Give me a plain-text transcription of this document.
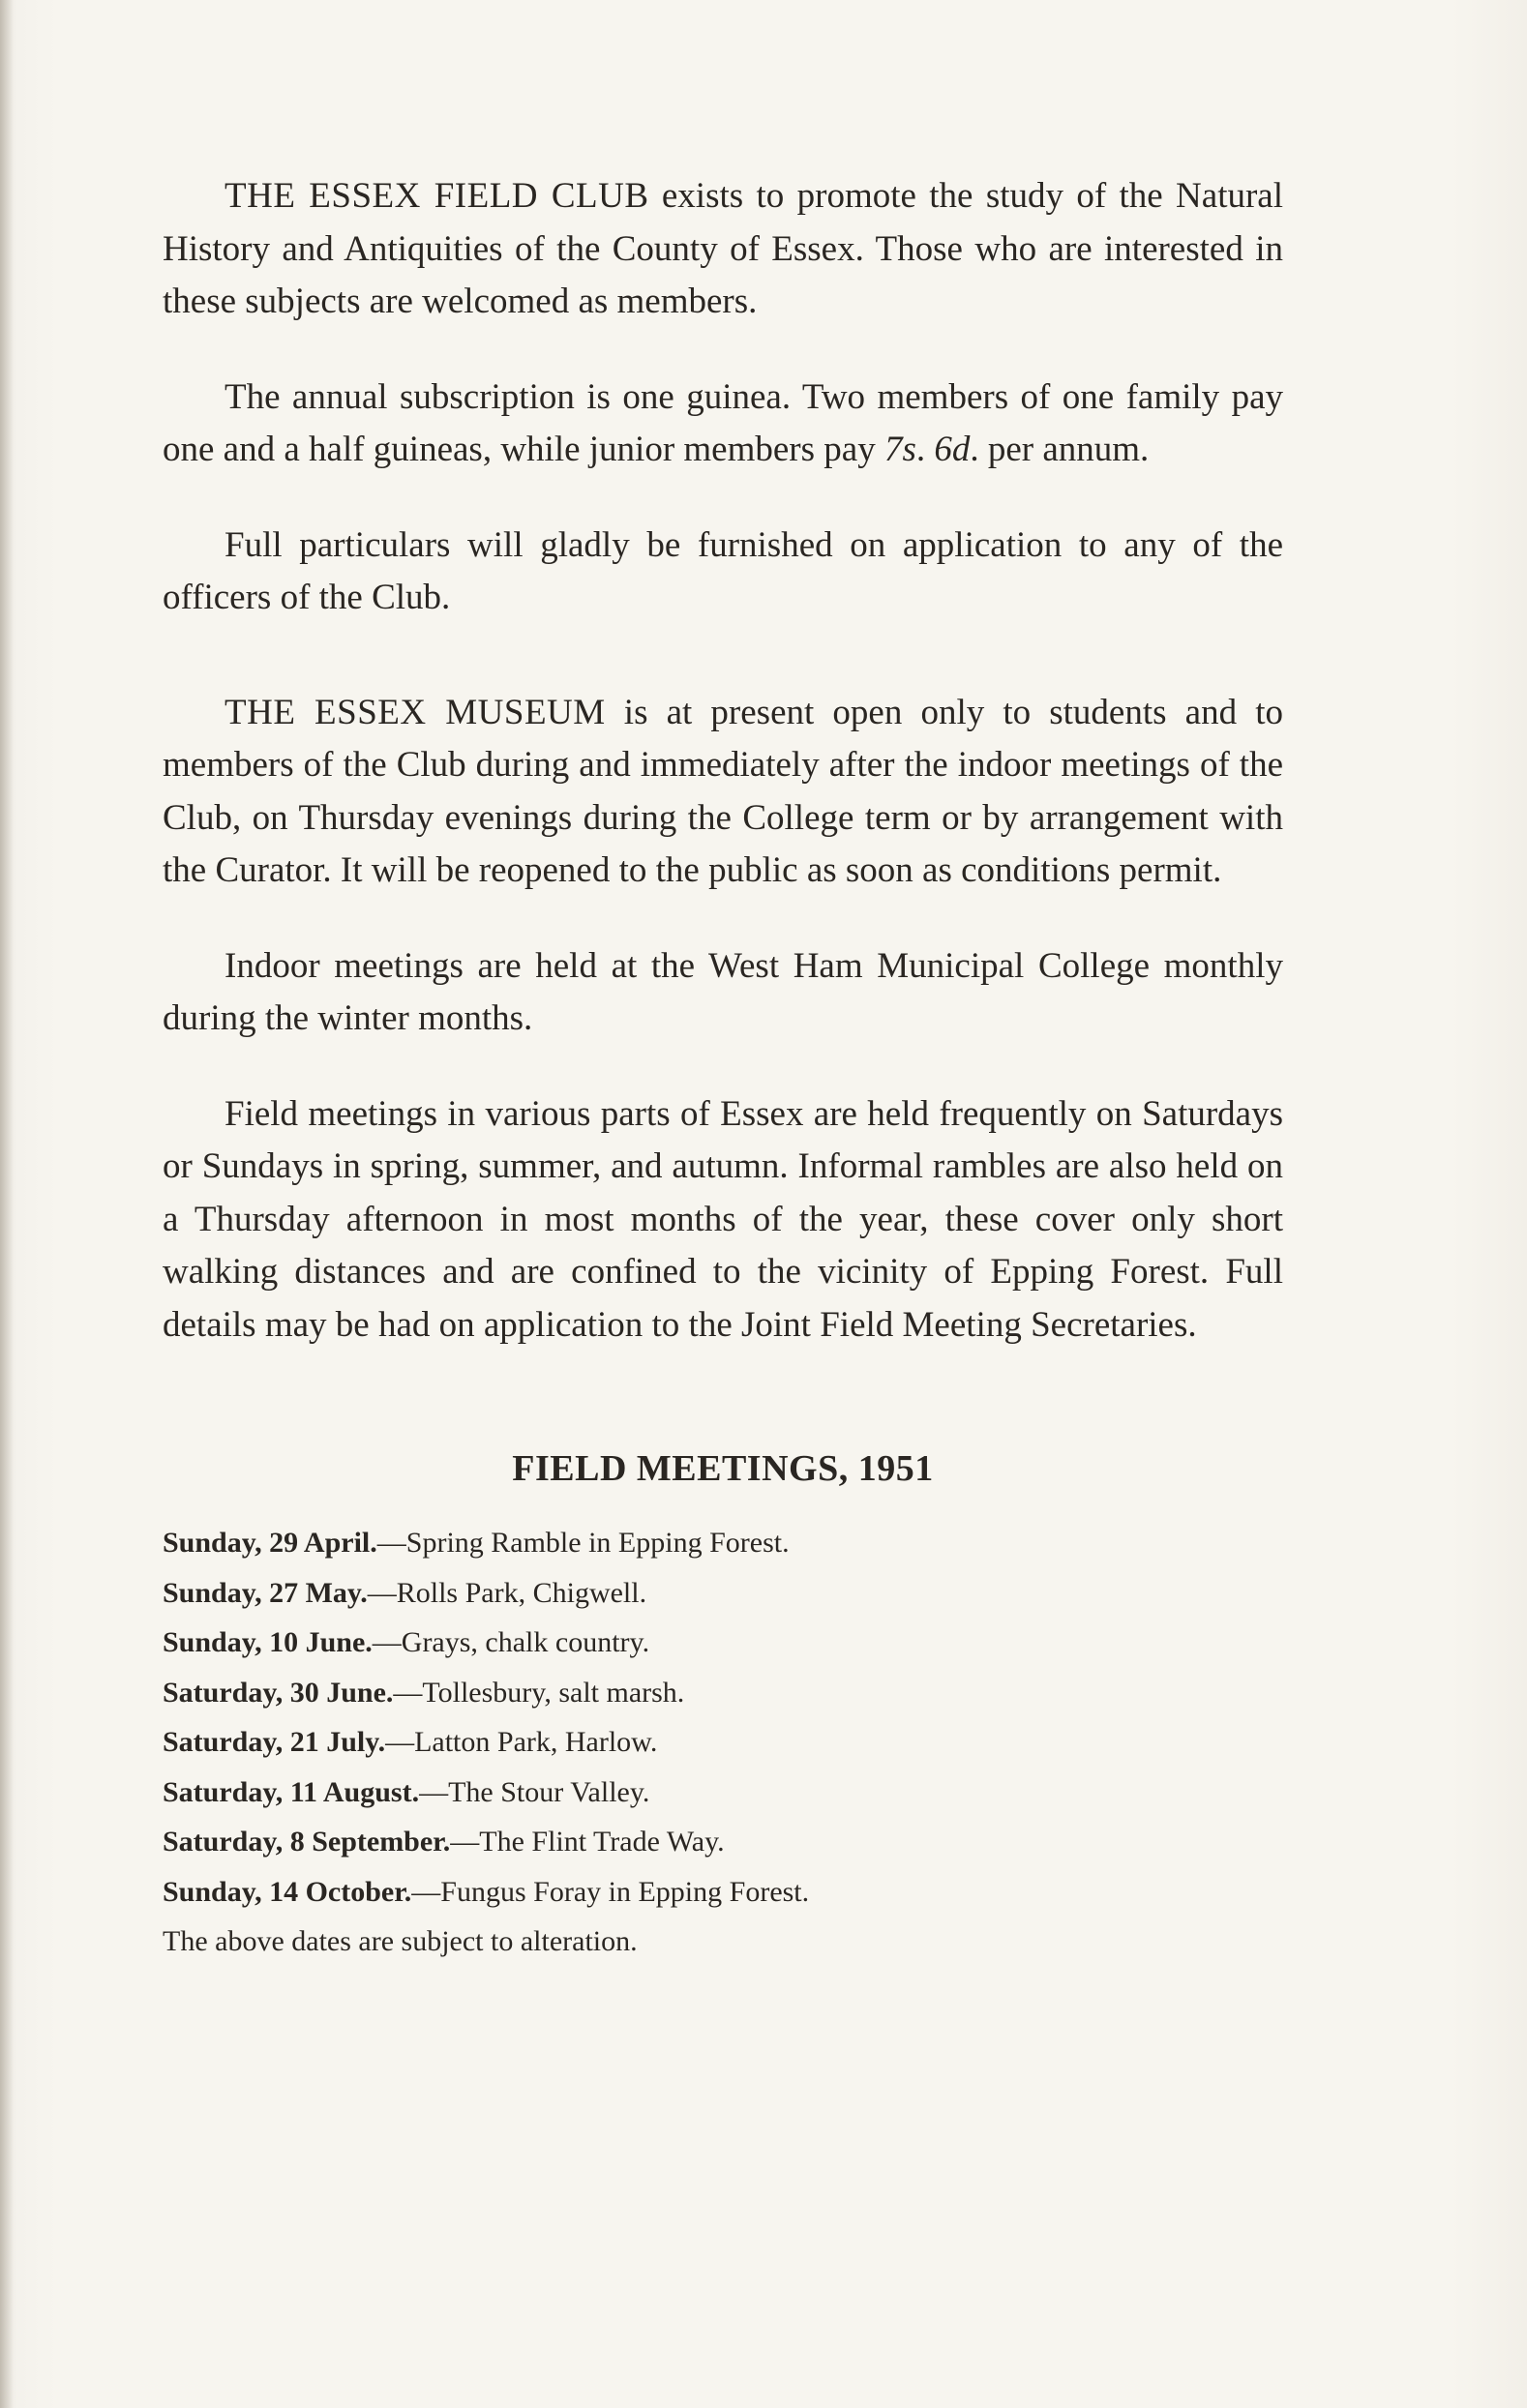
THE ESSEX FIELD CLUB exists to promote the study of the Natural History and Antiquities of the County of Essex. Those who are interested in these subjects are welcomed as members.

The annual subscription is one guinea. Two members of one family pay one and a half guineas, while junior members pay 7s. 6d. per annum.

Full particulars will gladly be furnished on application to any of the officers of the Club.

THE ESSEX MUSEUM is at present open only to students and to members of the Club during and immediately after the indoor meetings of the Club, on Thursday evenings during the College term or by arrangement with the Curator. It will be reopened to the public as soon as conditions permit.

Indoor meetings are held at the West Ham Municipal College monthly during the winter months.

Field meetings in various parts of Essex are held frequently on Saturdays or Sundays in spring, summer, and autumn. Informal rambles are also held on a Thursday afternoon in most months of the year, these cover only short walking distances and are confined to the vicinity of Epping Forest. Full details may be had on application to the Joint Field Meeting Secretaries.

FIELD MEETINGS, 1951
Sunday, 29 April.—Spring Ramble in Epping Forest.
Sunday, 27 May.—Rolls Park, Chigwell.
Sunday, 10 June.—Grays, chalk country.
Saturday, 30 June.—Tollesbury, salt marsh.
Saturday, 21 July.—Latton Park, Harlow.
Saturday, 11 August.—The Stour Valley.
Saturday, 8 September.—The Flint Trade Way.
Sunday, 14 October.—Fungus Foray in Epping Forest.

The above dates are subject to alteration.
